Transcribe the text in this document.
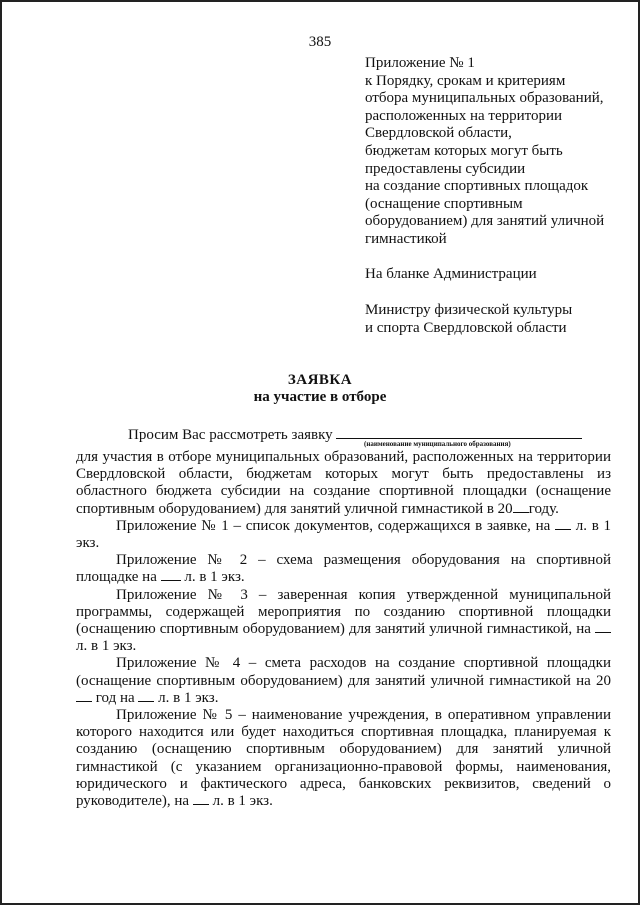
385
Приложение № 1
к Порядку, срокам и критериям
отбора муниципальных образований,
расположенных на территории
Свердловской области,
бюджетам которых могут быть
предоставлены субсидии
на создание спортивных площадок
(оснащение спортивным
оборудованием) для занятий уличной
гимнастикой
На бланке Администрации
Министру физической культуры
и спорта Свердловской области
ЗАЯВКА
на участие в отборе
Просим Вас рассмотреть заявку
(наименование муниципального образования)

для участия в отборе муниципальных образований, расположенных на территории Свердловской области, бюджетам которых могут быть предоставлены из областного бюджета субсидии на создание спортивной площадки (оснащение спортивным оборудованием) для занятий уличной гимнастикой в 20 году.

Приложение № 1 – список документов, содержащихся в заявке, на л. в 1 экз.

Приложение № 2 – схема размещения оборудования на спортивной площадке на л. в 1 экз.

Приложение № 3 – заверенная копия утвержденной муниципальной программы, содержащей мероприятия по созданию спортивной площадки (оснащению спортивным оборудованием) для занятий уличной гимнастикой, на  л. в 1 экз.

Приложение № 4 – смета расходов на создание спортивной площадки (оснащение спортивным оборудованием) для занятий уличной гимнастикой на 20 год на л. в 1 экз.

Приложение № 5 – наименование учреждения, в оперативном управлении которого находится или будет находиться спортивная площадка, планируемая к созданию (оснащению спортивным оборудованием) для занятий уличной гимнастикой (с указанием организационно-правовой формы, наименования, юридического и фактического адреса, банковских реквизитов, сведений о руководителе), на л. в 1 экз.
